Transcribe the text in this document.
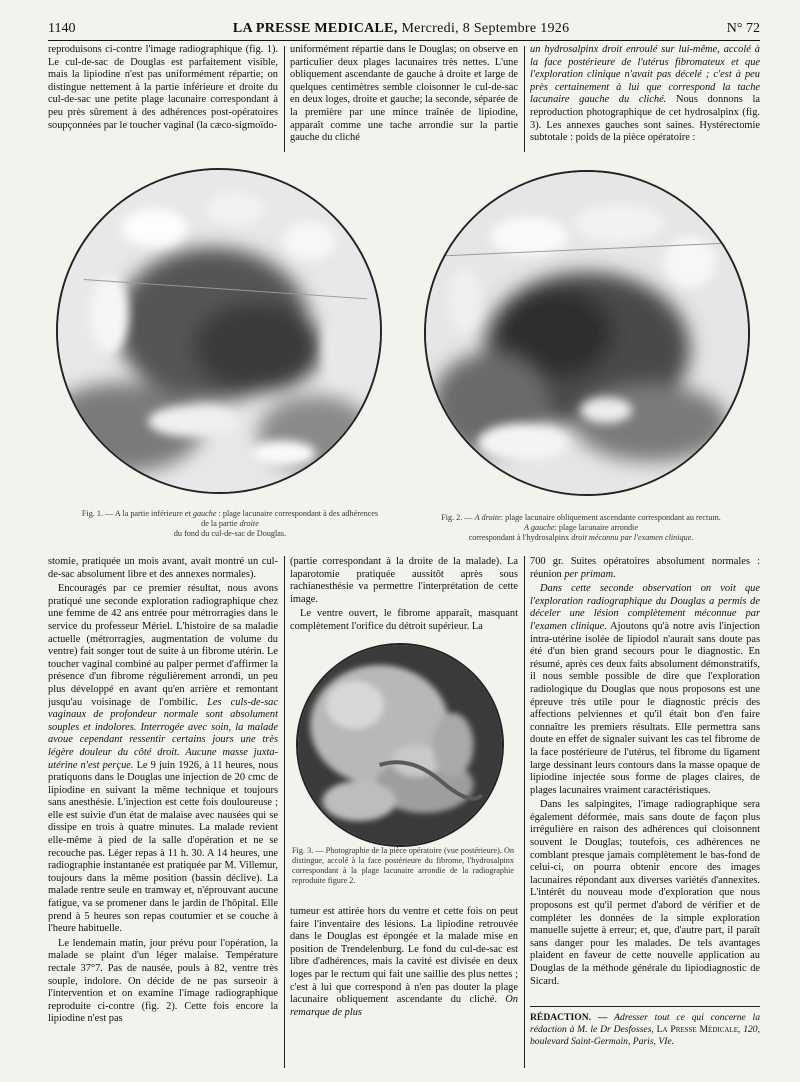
1140	LA PRESSE MEDICALE, Mercredi, 8 Septembre 1926	N° 72

reproduisons ci-contre l'image radiographique (fig. 1). Le cul-de-sac de Douglas est parfaitement visible, mais la lipiodine n'est pas uniformément répartie; on distingue nettement à la partie inférieure et droite du cul-de-sac une petite plage lacunaire correspondant à peu près sûrement à des adhérences post-opératoires soupçonnées par le toucher vaginal (la cæco-sigmoïdo-

uniformément répartie dans le Douglas; on observe en particulier deux plages lacunaires très nettes. L'une obliquement ascendante de gauche à droite et large de quelques centimètres semble cloisonner le cul-de-sac en deux loges, droite et gauche; la seconde, séparée de la première par une mince traînée de lipiodine, apparaît comme une tache arrondie sur la partie gauche du cliché

un hydrosalpinx droit enroulé sur lui-même, accolé à la face postérieure de l'utérus fibromateux et que l'exploration clinique n'avait pas décelé ; c'est à peu près certainement à lui que correspond la tache lacunaire gauche du cliché. Nous donnons la reproduction photographique de cet hydrosalpinx (fig. 3). Les annexes gauches sont saines. Hystérectomie subtotale : poids de la pièce opératoire :

Fig. 1. — A la partie inférieure et gauche : plage lacunaire correspondant à des adhérences de la partie droite
du fond du cul-de-sac de Douglas.
Fig. 2. — A droite: plage lacunaire obliquement ascendante correspondant au rectum.
A gauche: plage lacunaire arrondie
correspondant à l'hydrosalpinx droit méconnu par l'examen clinique.

stomie, pratiquée un mois avant, avait montré un cul-de-sac absolument libre et des annexes normales).

Encouragés par ce premier résultat, nous avons pratiqué une seconde exploration radiographique chez une femme de 42 ans entrée pour métrorragies dans le service du professeur Mériel. L'histoire de sa maladie actuelle (métrorragies, augmentation de volume du ventre) fait songer tout de suite à un fibrome utérin. Le toucher vaginal combiné au palper permet d'affirmer la présence d'un fibrome régulièrement arrondi, un peu plus développé en avant qu'en arrière et remontant jusqu'au voisinage de l'ombilic. Les culs-de-sac vaginaux de profondeur normale sont absolument souples et indolores. Interrogée avec soin, la malade avoue cependant ressentir certains jours une très légère douleur du côté droit. Aucune masse juxta-utérine n'est perçue. Le 9 juin 1926, à 11 heures, nous pratiquons dans le Douglas une injection de 20 cmc de lipiodine en suivant la même technique et toujours sans anesthésie. L'injection est cette fois douloureuse ; elle est suivie d'un état de malaise avec nausées qui se dissipe en trois à quatre minutes. La malade revient elle-même à pied de la salle d'opération et ne se recouche pas. Léger repas à 11 h. 30. A 14 heures, une radiographie instantanée est pratiquée par M. Villemur, toujours dans la même position (bassin déclive). La malade rentre seule en tramway et, n'éprouvant aucune fatigue, va se promener dans le jardin de l'hôpital. Elle prend à 5 heures son repas coutumier et se couche à l'heure habituelle.

Le lendemain matin, jour prévu pour l'opération, la malade se plaint d'un léger malaise. Température rectale 37°7. Pas de nausée, pouls à 82, ventre très souple, indolore. On décide de ne pas surseoir à l'intervention et on examine l'image radiographique reproduite ci-contre (fig. 2). Cette fois encore la lipiodine n'est pas

(partie correspondant à la droite de la malade). La laparotomie pratiquée aussitôt après sous rachianesthésie va permettre l'interprétation de cette image.

Le ventre ouvert, le fibrome apparaît, masquant complètement l'orifice du détroit supérieur. La

Fig. 3. — Photographie de la pièce opératoire (vue postérieure). On distingue, accolé à la face postérieure du fibrome, l'hydrosalpinx correspondant à la plage lacunaire arrondie de la radiographie reproduite figure 2.

tumeur est attirée hors du ventre et cette fois on peut faire l'inventaire des lésions. La lipiodine retrouvée dans le Douglas est épongée et la malade mise en position de Trendelenburg. Le fond du cul-de-sac est libre d'adhérences, mais la cavité est divisée en deux loges par le rectum qui fait une saillie des plus nettes ; c'est à lui que correspond à n'en pas douter la plage lacunaire obliquement ascendante du cliché. On remarque de plus

700 gr. Suites opératoires absolument normales : réunion per primam.

Dans cette seconde observation on voit que l'exploration radiographique du Douglas a permis de déceler une lésion complètement méconnue par l'examen clinique. Ajoutons qu'à notre avis l'injection intra-utérine isolée de lipiodol n'aurait sans doute pas été d'un bien grand secours pour le diagnostic. En résumé, après ces deux faits absolument démonstratifs, il nous semble possible de dire que l'exploration radiologique du Douglas que nous proposons est une épreuve très utile pour le diagnostic précis des affections pelviennes et qu'il était bon d'en faire connaître les premiers résultats. Elle permettra sans doute en effet de signaler suivant les cas tel fibrome de la face postérieure de l'utérus, tel fibrome du ligament large dessinant leurs contours dans la masse opaque de lipiodine injectée sous forme de plages claires, de plages lacunaires vraiment caractéristiques.

Dans les salpingites, l'image radiographique sera également déformée, mais sans doute de façon plus irrégulière en raison des adhérences qui cloisonnent souvent le Douglas; toutefois, ces adhérences ne comblant presque jamais complètement le bas-fond de celui-ci, on pourra obtenir encore des images lacunaires répondant aux diverses variétés d'annexites. L'intérêt du nouveau mode d'exploration que nous proposons est qu'il permet d'abord de vérifier et de compléter les données de la simple exploration manuelle sujette à erreur; et, que, d'autre part, il paraît sans danger pour les malades. De tels avantages plaident en faveur de cette nouvelle application au Douglas de la méthode générale du lipiodiagnostic de Sicard.

RÉDACTION. — Adresser tout ce qui concerne la rédaction à M. le Dr Desfosses, La Presse Médicale, 120, boulevard Saint-Germain, Paris, VIe.
